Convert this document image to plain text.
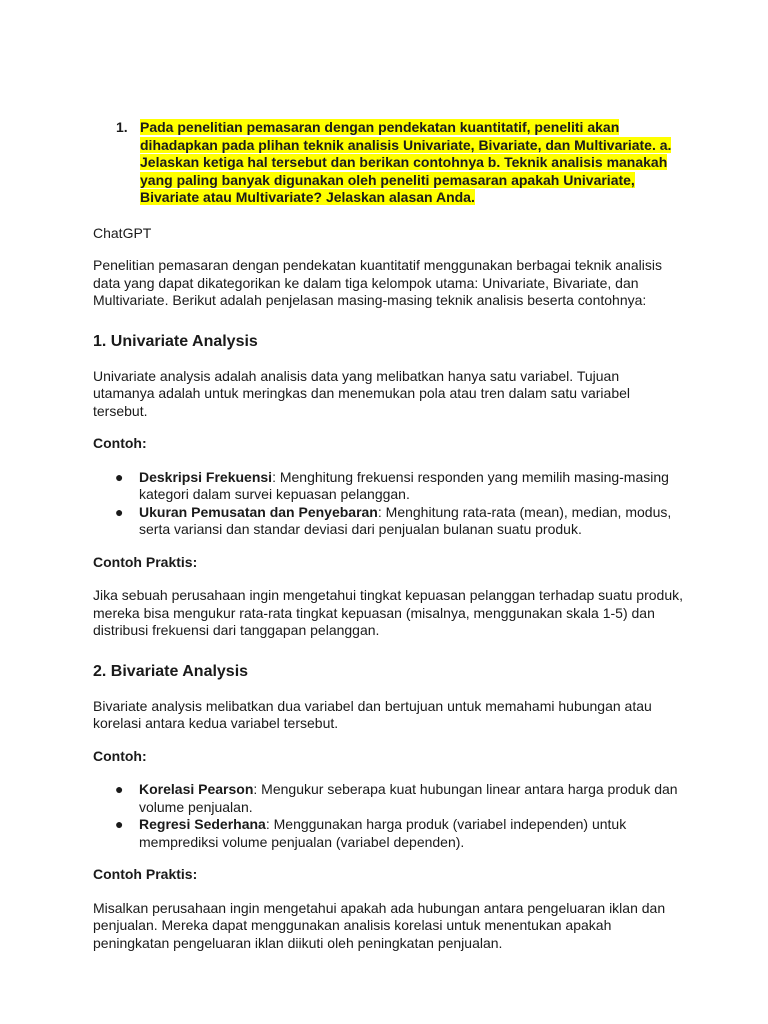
1. Pada penelitian pemasaran dengan pendekatan kuantitatif, peneliti akan dihadapkan pada plihan teknik analisis Univariate, Bivariate, dan Multivariate. a. Jelaskan ketiga hal tersebut dan berikan contohnya b. Teknik analisis manakah yang paling banyak digunakan oleh peneliti pemasaran apakah Univariate, Bivariate atau Multivariate? Jelaskan alasan Anda.

ChatGPT

Penelitian pemasaran dengan pendekatan kuantitatif menggunakan berbagai teknik analisis data yang dapat dikategorikan ke dalam tiga kelompok utama: Univariate, Bivariate, dan Multivariate. Berikut adalah penjelasan masing-masing teknik analisis beserta contohnya:

1. Univariate Analysis

Univariate analysis adalah analisis data yang melibatkan hanya satu variabel. Tujuan utamanya adalah untuk meringkas dan menemukan pola atau tren dalam satu variabel tersebut.

Contoh:
●	Deskripsi Frekuensi: Menghitung frekuensi responden yang memilih masing-masing kategori dalam survei kepuasan pelanggan.
●	Ukuran Pemusatan dan Penyebaran: Menghitung rata-rata (mean), median, modus, serta variansi dan standar deviasi dari penjualan bulanan suatu produk.
Contoh Praktis:

Jika sebuah perusahaan ingin mengetahui tingkat kepuasan pelanggan terhadap suatu produk, mereka bisa mengukur rata-rata tingkat kepuasan (misalnya, menggunakan skala 1-5) dan distribusi frekuensi dari tanggapan pelanggan.

2. Bivariate Analysis

Bivariate analysis melibatkan dua variabel dan bertujuan untuk memahami hubungan atau korelasi antara kedua variabel tersebut.

Contoh:
●	Korelasi Pearson: Mengukur seberapa kuat hubungan linear antara harga produk dan volume penjualan.
●	Regresi Sederhana: Menggunakan harga produk (variabel independen) untuk memprediksi volume penjualan (variabel dependen).
Contoh Praktis:

Misalkan perusahaan ingin mengetahui apakah ada hubungan antara pengeluaran iklan dan penjualan. Mereka dapat menggunakan analisis korelasi untuk menentukan apakah peningkatan pengeluaran iklan diikuti oleh peningkatan penjualan.
